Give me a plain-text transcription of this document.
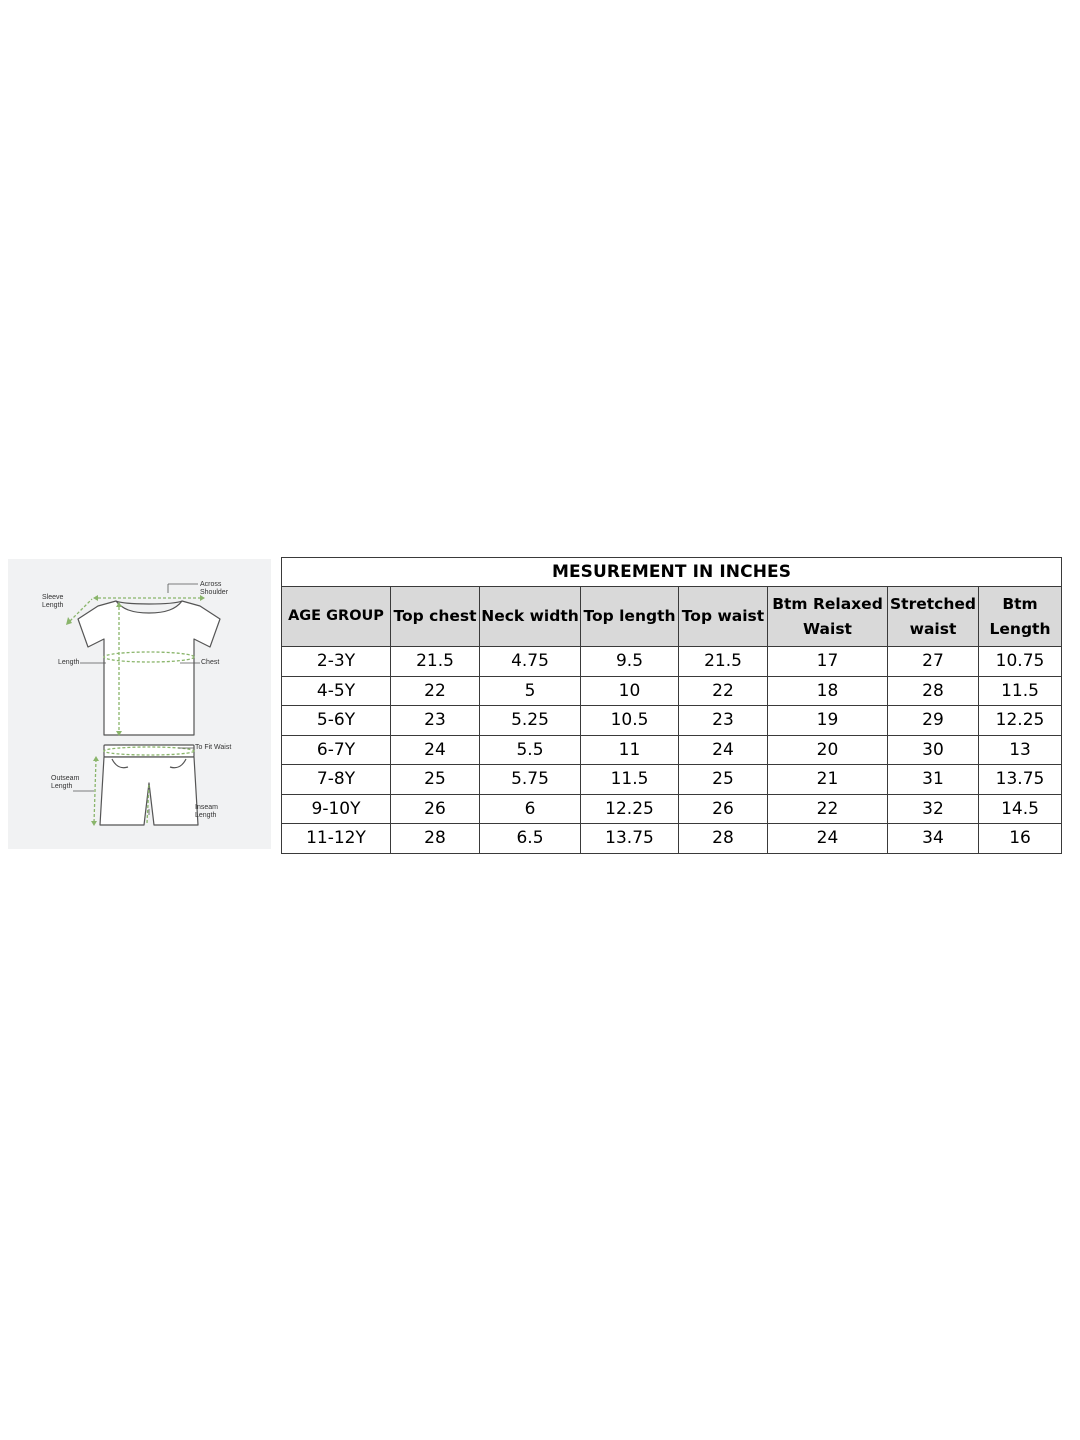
Sleeve
Length
Across
Shoulder
Length	Chest
To Fit Waist
Outseam
Length
Inseam
Length
MESUREMENT IN INCHES							
AGE GROUP	Top chest	Neck width	Top length	Top waist	Btm Relaxed Waist	Stretched waist	Btm Length
2-3Y	21.5	4.75	9.5	21.5	17	27	10.75
4-5Y	22	5	10	22	18	28	11.5
5-6Y	23	5.25	10.5	23	19	29	12.25
6-7Y	24	5.5	11	24	20	30	13
7-8Y	25	5.75	11.5	25	21	31	13.75
9-10Y	26	6	12.25	26	22	32	14.5
11-12Y	28	6.5	13.75	28	24	34	16
